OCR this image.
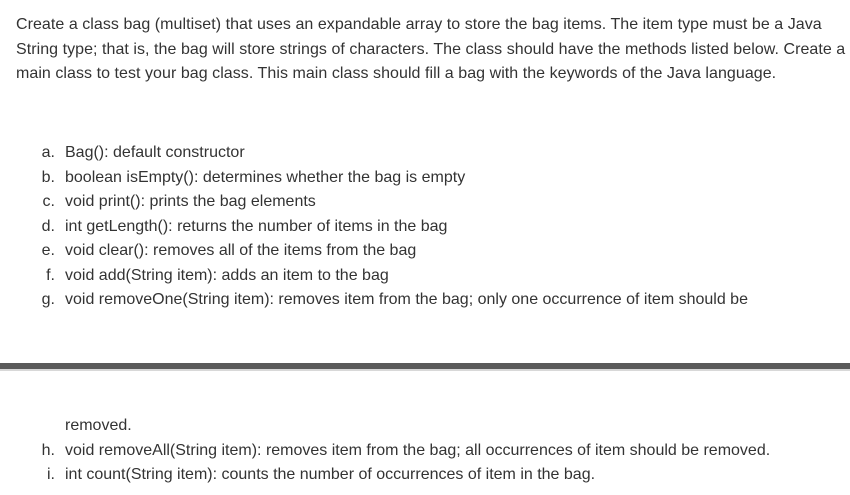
Create a class bag (multiset) that uses an expandable array to store the bag items. The item type must be a Java String type; that is, the bag will store strings of characters. The class should have the methods listed below. Create a main class to test your bag class. This main class should fill a bag with the keywords of the Java language.

a. Bag(): default constructor
b. boolean isEmpty(): determines whether the bag is empty
c. void print(): prints the bag elements
d. int getLength(): returns the number of items in the bag
e. void clear(): removes all of the items from the bag
f. void add(String item): adds an item to the bag
g. void removeOne(String item): removes item from the bag; only one occurrence of item should be
removed.
h. void removeAll(String item): removes item from the bag; all occurrences of item should be removed.
i. int count(String item): counts the number of occurrences of item in the bag.
